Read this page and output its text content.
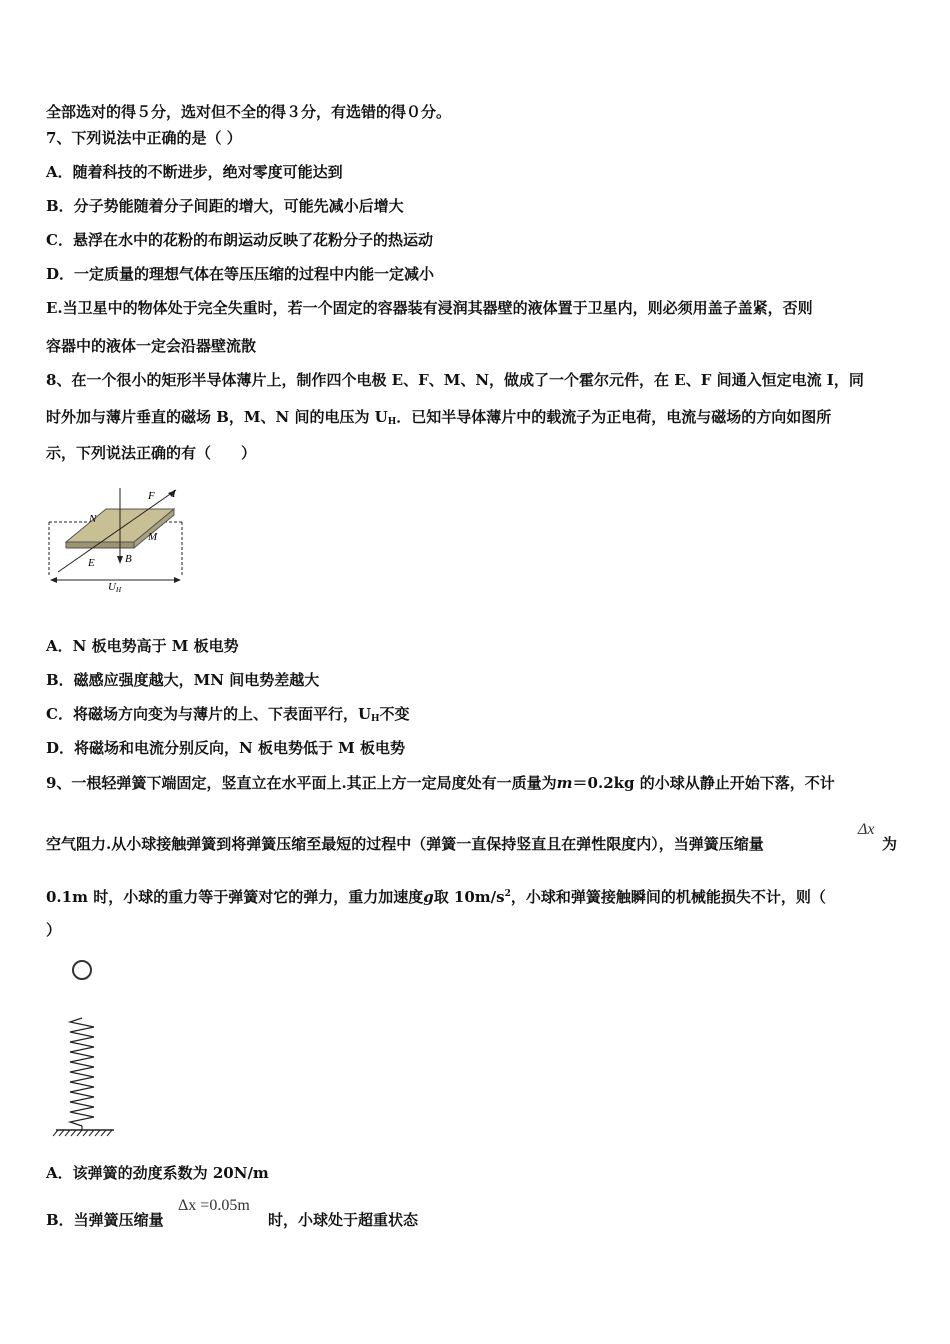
全部选对的得５分，选对但不全的得３分，有选错的得０分。
7、下列说法中正确的是（ ）
A．随着科技的不断进步，绝对零度可能达到
B．分子势能随着分子间距的增大，可能先减小后增大
C．悬浮在水中的花粉的布朗运动反映了花粉分子的热运动
D．一定质量的理想气体在等压压缩的过程中内能一定减小
E.当卫星中的物体处于完全失重时，若一个固定的容器装有浸润其器壁的液体置于卫星内，则必须用盖子盖紧，否则
容器中的液体一定会沿器壁流散
8、在一个很小的矩形半导体薄片上，制作四个电极 E、F、M、N，做成了一个霍尔元件，在 E、F 间通入恒定电流 I，同
时外加与薄片垂直的磁场 B，M、N 间的电压为 $U_H$．已知半导体薄片中的载流子为正电荷，电流与磁场的方向如图所
示，下列说法正确的有（　　）
N
F I
M
E	B
UH
A．N 板电势高于 M 板电势
B．磁感应强度越大，MN 间电势差越大
C．将磁场方向变为与薄片的上、下表面平行，$U_H$不变
D．将磁场和电流分别反向，N 板电势低于 M 板电势
9、一根轻弹簧下端固定，竖直立在水平面上.其正上方一定局度处有一质量为m＝0.2kg 的小球从静止开始下落，不计
空气阻力.从小球接触弹簧到将弹簧压缩至最短的过程中（弹簧一直保持竖直且在弹性限度内），当弹簧压缩量
Δx
为
0.1m 时，小球的重力等于弹簧对它的弹力，重力加速度g取 $10m/s^2$，小球和弹簧接触瞬间的机械能损失不计，则（
）
A．该弹簧的劲度系数为 20N/m
B．当弹簧压缩量
Δx =0.05m
时，小球处于超重状态
